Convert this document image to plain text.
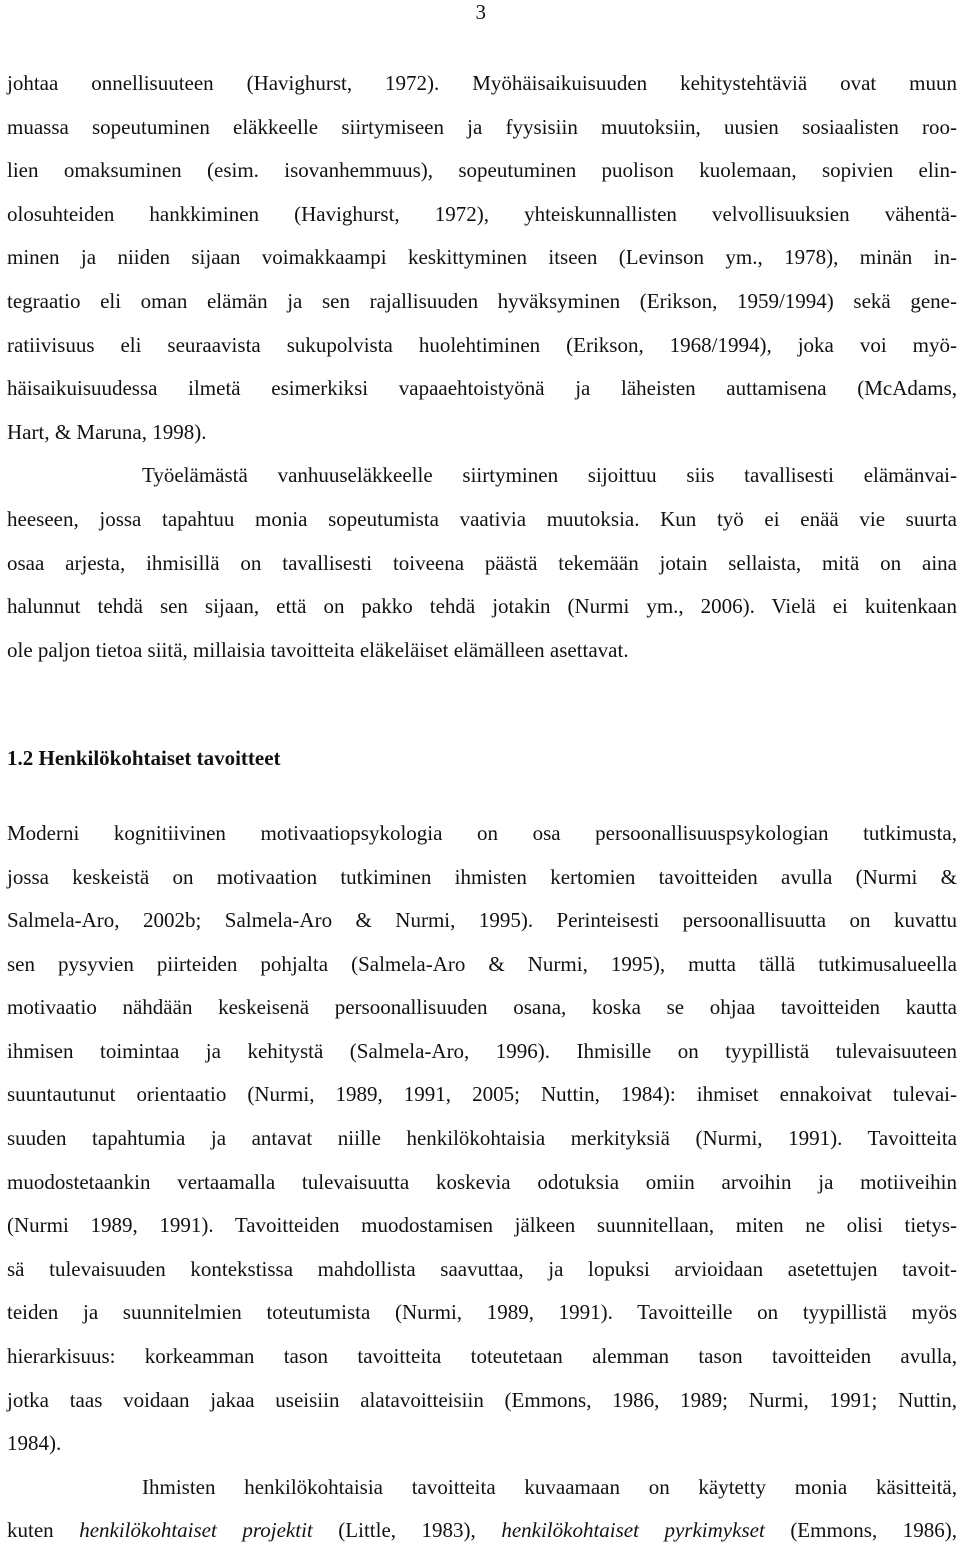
3
johtaa onnellisuuteen (Havighurst, 1972). Myöhäisaikuisuuden kehitystehtäviä ovat muun
muassa sopeutuminen eläkkeelle siirtymiseen ja fyysisiin muutoksiin, uusien sosiaalisten roo-
lien omaksuminen (esim. isovanhemmuus), sopeutuminen puolison kuolemaan, sopivien elin-
olosuhteiden hankkiminen (Havighurst, 1972), yhteiskunnallisten velvollisuuksien vähentä-
minen ja niiden sijaan voimakkaampi keskittyminen itseen (Levinson ym., 1978), minän in-
tegraatio eli oman elämän ja sen rajallisuuden hyväksyminen (Erikson, 1959/1994) sekä gene-
ratiivisuus eli seuraavista sukupolvista huolehtiminen (Erikson, 1968/1994), joka voi myö-
häisaikuisuudessa ilmetä esimerkiksi vapaaehtoistyönä ja läheisten auttamisena (McAdams,
Hart, & Maruna, 1998).
Työelämästä vanhuuseläkkeelle siirtyminen sijoittuu siis tavallisesti elämänvai-
heeseen, jossa tapahtuu monia sopeutumista vaativia muutoksia. Kun työ ei enää vie suurta
osaa arjesta, ihmisillä on tavallisesti toiveena päästä tekemään jotain sellaista, mitä on aina
halunnut tehdä sen sijaan, että on pakko tehdä jotakin (Nurmi ym., 2006). Vielä ei kuitenkaan
ole paljon tietoa siitä, millaisia tavoitteita eläkeläiset elämälleen asettavat.
1.2 Henkilökohtaiset tavoitteet
Moderni kognitiivinen motivaatiopsykologia on osa persoonallisuuspsykologian tutkimusta,
jossa keskeistä on motivaation tutkiminen ihmisten kertomien tavoitteiden avulla (Nurmi &
Salmela-Aro, 2002b; Salmela-Aro & Nurmi, 1995). Perinteisesti persoonallisuutta on kuvattu
sen pysyvien piirteiden pohjalta (Salmela-Aro & Nurmi, 1995), mutta tällä tutkimusalueella
motivaatio nähdään keskeisenä persoonallisuuden osana, koska se ohjaa tavoitteiden kautta
ihmisen toimintaa ja kehitystä (Salmela-Aro, 1996). Ihmisille on tyypillistä tulevaisuuteen
suuntautunut orientaatio (Nurmi, 1989, 1991, 2005; Nuttin, 1984): ihmiset ennakoivat tulevai-
suuden tapahtumia ja antavat niille henkilökohtaisia merkityksiä (Nurmi, 1991). Tavoitteita
muodostetaankin vertaamalla tulevaisuutta koskevia odotuksia omiin arvoihin ja motiiveihin
(Nurmi 1989, 1991). Tavoitteiden muodostamisen jälkeen suunnitellaan, miten ne olisi tietys-
sä tulevaisuuden kontekstissa mahdollista saavuttaa, ja lopuksi arvioidaan asetettujen tavoit-
teiden ja suunnitelmien toteutumista (Nurmi, 1989, 1991). Tavoitteille on tyypillistä myös
hierarkisuus: korkeamman tason tavoitteita toteutetaan alemman tason tavoitteiden avulla,
jotka taas voidaan jakaa useisiin alatavoitteisiin (Emmons, 1986, 1989; Nurmi, 1991; Nuttin,
1984).
Ihmisten henkilökohtaisia tavoitteita kuvaamaan on käytetty monia käsitteitä,
kuten henkilökohtaiset projektit (Little, 1983), henkilökohtaiset pyrkimykset (Emmons, 1986),
